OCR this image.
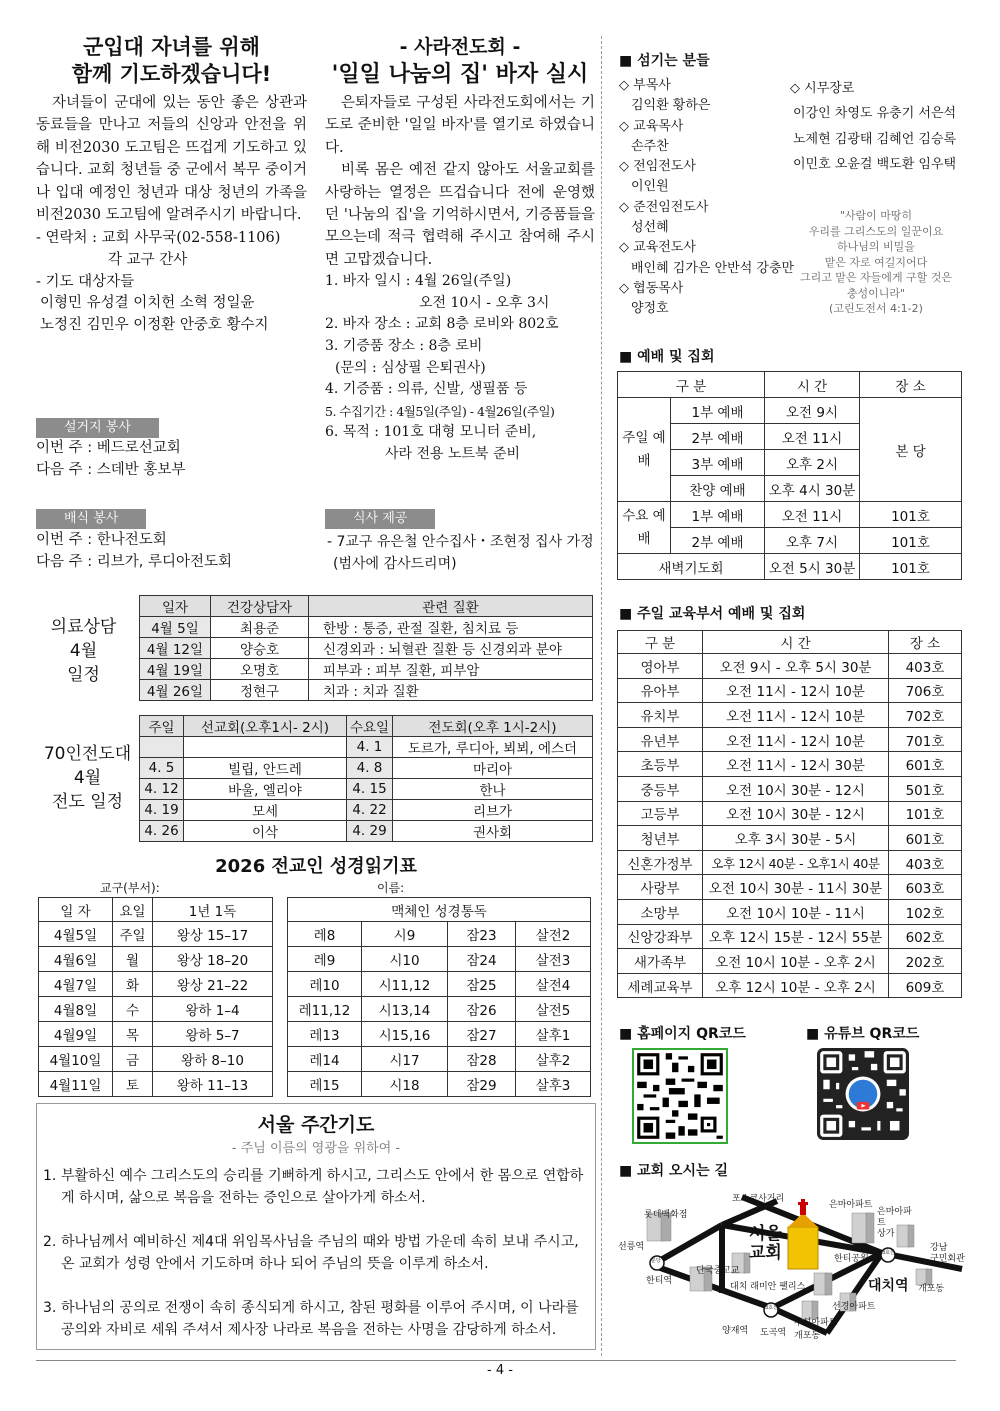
군입대 자녀를 위해
함께 기도하겠습니다!

자녀들이 군대에 있는 동안 좋은 상관과 동료들을 만나고 저들의 신앙과 안전을 위해 비전2030 도고팀은 뜨겁게 기도하고 있습니다. 교회 청년들 중 군에서 복무 중이거나 입대 예정인 청년과 대상 청년의 가족을 비전2030 도고팀에 알려주시기 바랍니다.

- 연락처 : 교회 사무국(02-558-1106)

각 교구 간사

- 기도 대상자들

이형민 유성결 이치헌 소혁 정일윤

노정진 김민우 이정환 안중호 황수지

- 사라전도회 -
'일일 나눔의 집' 바자 실시

은퇴자들로 구성된 사라전도회에서는 기도로 준비한 '일일 바자'를 열기로 하였습니다.

비록 몸은 예전 같지 않아도 서울교회를 사랑하는 열정은 뜨겁습니다 전에 운영했던 '나눔의 집'을 기억하시면서, 기증품들을 모으는데 적극 협력해 주시고 참여해 주시면 고맙겠습니다.

1. 바자 일시 : 4월 26일(주일)
오전 10시 - 오후 3시
2. 바자 장소 : 교회 8층 로비와 802호
3. 기증품 장소 : 8층 로비
(문의 : 심상필 은퇴권사)
4. 기증품 : 의류, 신발, 생필품 등
5. 수집기간 : 4월5일(주일) - 4월26일(주일)
6. 목적 : 101호 대형 모니터 준비,
사라 전용 노트북 준비
설거지 봉사
이번 주 : 베드로선교회
다음 주 : 스데반 홍보부
배식 봉사
이번 주 : 한나전도회
다음 주 : 리브가, 루디아전도회
식사 제공
- 7교구 유은철 안수집사・조현정 집사 가정
(범사에 감사드리며)
의료상담
4월
일정
일자	건강상담자	관련 질환
4월 5일	최용준	한방 : 통증, 관절 질환, 침치료 등
4월 12일	양승호	신경외과 : 뇌혈관 질환 등 신경외과 분야
4월 19일	오명호	피부과 : 피부 질환, 피부암
4월 26일	정현구	치과 : 치과 질환
70인전도대
4월
전도 일정
주일	선교회(오후1시- 2시)	수요일	전도회(오후 1시-2시)
		4. 1	도르가, 루디아, 뵈뵈, 에스더
4. 5	빌립, 안드레	4. 8	마리아
4. 12	바울, 엘리야	4. 15	한나
4. 19	모세	4. 22	리브가
4. 26	이삭	4. 29	권사회
2026 전교인 성경읽기표
교구(부서):	이름:
일 자	요일	1년 1독
4월5일	주일	왕상 15–17
4월6일	월	왕상 18–20
4월7일	화	왕상 21–22
4월8일	수	왕하 1–4
4월9일	목	왕하 5–7
4월10일	금	왕하 8–10
4월11일	토	왕하 11–13
맥체인 성경통독			
레8	시9	잠23	살전2
레9	시10	잠24	살전3
레10	시11,12	잠25	살전4
레11,12	시13,14	잠26	살전5
레13	시15,16	잠27	살후1
레14	시17	잠28	살후2
레15	시18	잠29	살후3
서울 주간기도
- 주님 이름의 영광을 위하여 -
1. 부활하신 예수 그리스도의 승리를 기뻐하게 하시고, 그리스도 안에서 한 몸으로 연합하게 하시며, 삶으로 복음을 전하는 증인으로 살아가게 하소서.
2. 하나님께서 예비하신 제4대 위임목사님을 주님의 때와 방법 가운데 속히 보내 주시고, 온 교회가 성령 안에서 기도하며 하나 되어 주님의 뜻을 이루게 하소서.
3. 하나님의 공의로 전쟁이 속히 종식되게 하시고, 참된 평화를 이루어 주시며, 이 나라를 공의와 자비로 세워 주셔서 제사장 나라로 복음을 전하는 사명을 감당하게 하소서.
■ 섬기는 분들
◇ 부목사
김익환 황하은
◇ 교육목사
손주찬
◇ 전임전도사
이인원
◇ 준전임전도사
성선혜
◇ 교육전도사
배인혜 김가은 안반석 강충만
◇ 협동목사
양정호
◇ 시무장로
이강인 차영도 유충기 서은석
노제현 김광태 김혜언 김승록
이민호 오윤걸 백도환 임우택
"사람이 마땅히
우리를 그리스도의 일꾼이요
하나님의 비밀을
맡은 자로 여길지어다
그리고 맡은 자들에게 구할 것은
충성이니라"
(고린도전서 4:1-2)
■ 예배 및 집회
구 분		시 간	장 소
주일 예배	1부 예배	오전 9시	본 당
	2부 예배	오전 11시	
	3부 예배	오후 2시	
	찬양 예배	오후 4시 30분	
수요 예배	1부 예배	오전 11시	101호
	2부 예배	오후 7시	101호
새벽기도회		오전 5시 30분	101호
■ 주일 교육부서 예배 및 집회
구 분	시 간	장 소
영아부	오전 9시 - 오후 5시 30분	403호
유아부	오전 11시 - 12시 10분	706호
유치부	오전 11시 - 12시 10분	702호
유년부	오전 11시 - 12시 10분	701호
초등부	오전 11시 - 12시 30분	601호
중등부	오전 10시 30분 - 12시	501호
고등부	오전 10시 30분 - 12시	101호
청년부	오후 3시 30분 - 5시	601호
신혼가정부	오후 12시 40분 - 오후1시 40분	403호
사랑부	오전 10시 30분 - 11시 30분	603호
소망부	오전 10시 10분 - 11시	102호
신앙강좌부	오후 12시 15분 - 12시 55분	602호
새가족부	오전 10시 10분 - 오후 2시	202호
세례교육부	오후 12시 10분 - 오후 2시	609호
■ 홈페이지 QR코드	■ 유튜브 QR코드
■ 교회 오시는 길
포스코사거리
롯데백화점
은마아파트
은마아파트
상가
선릉역
한티역
서울
교회
단국중고교
한티공원
대치 래미안 팰리스	대치역
강남
구민회관
개포동
선경아파트
우성아파트
개포동
양재역 도곡역
분당
3호선
3호선
- 4 -
